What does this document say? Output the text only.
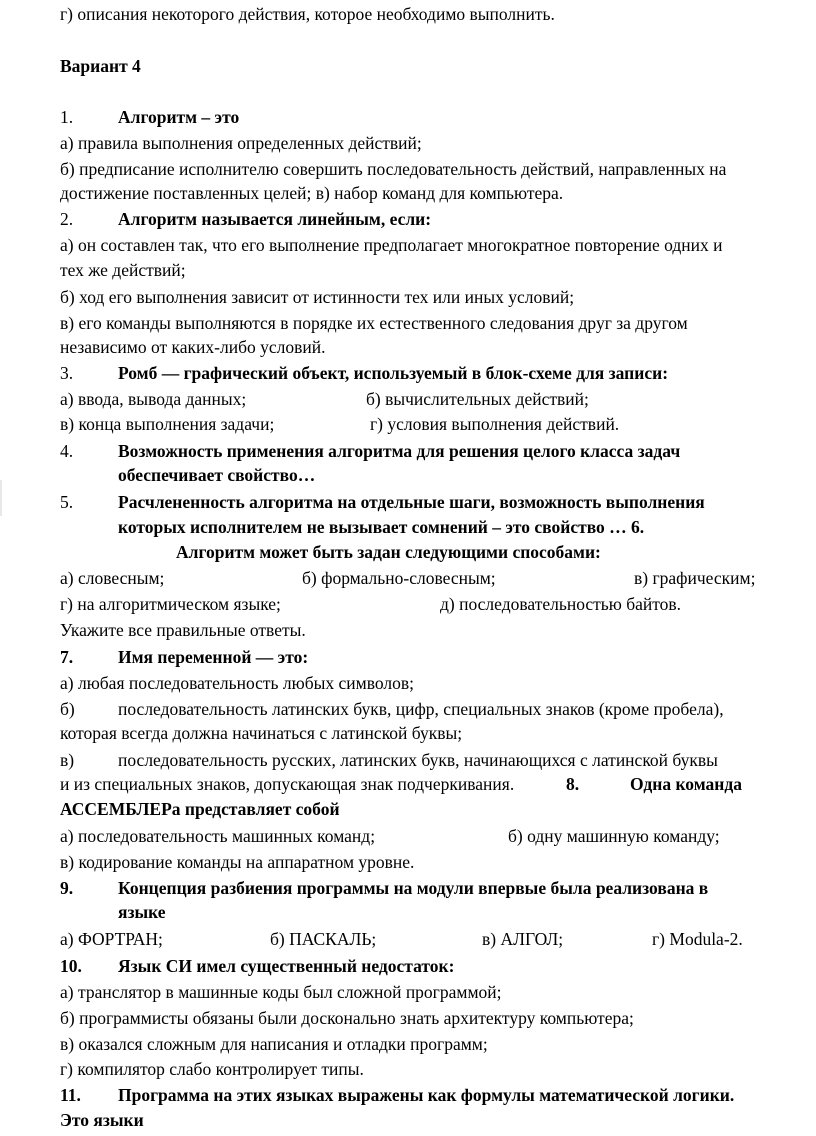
г) описания некоторого действия, которое необходимо выполнить.
Вариант 4
1.	Алгоритм – это
а) правила выполнения определенных действий;
б) предписание исполнителю совершить последовательность действий, направленных на
достижение поставленных целей; в) набор команд для компьютера.
2.	Алгоритм называется линейным, если:
а) он составлен так, что его выполнение предполагает многократное повторение одних и
тех же действий;
б) ход его выполнения зависит от истинности тех или иных условий;
в) его команды выполняются в порядке их естественного следования друг за другом
независимо от каких-либо условий.
3.	Ромб — графический объект, используемый в блок-схеме для записи:
а) ввода, вывода данных;	б) вычислительных действий;
в) конца выполнения задачи;	г) условия выполнения действий.
4.	Возможность применения алгоритма для решения целого класса задач
обеспечивает свойство…
5.	Расчлененность алгоритма на отдельные шаги, возможность выполнения
которых исполнителем не вызывает сомнений – это свойство … 6.
Алгоритм может быть задан следующими способами:
а) словесным;	б) формально-словесным;	в) графическим;
г) на алгоритмическом языке;	д) последовательностью байтов.
Укажите все правильные ответы.
7.	Имя переменной — это:
а) любая последовательность любых символов;
б) последовательность латинских букв, цифр, специальных знаков (кроме пробела),
которая всегда должна начинаться с латинской буквы;
в)	последовательность русских, латинских букв, начинающихся с латинской буквы
и из специальных знаков, допускающая знак подчеркивания.	8.	Одна команда
АССЕМБЛЕРа представляет собой
а) последовательность машинных команд;	б) одну машинную команду;
в) кодирование команды на аппаратном уровне.
9.	Концепция разбиения программы на модули впервые была реализована в
языке
а) ФОРТРАН;	б) ПАСКАЛЬ;	в) АЛГОЛ;	г) Modula-2.
10. Язык СИ имел существенный недостаток:
а) транслятор в машинные коды был сложной программой;
б) программисты обязаны были досконально знать архитектуру компьютера;
в) оказался сложным для написания и отладки программ;
г) компилятор слабо контролирует типы.
11. Программа на этих языках выражены как формулы математической логики.
Это языки
